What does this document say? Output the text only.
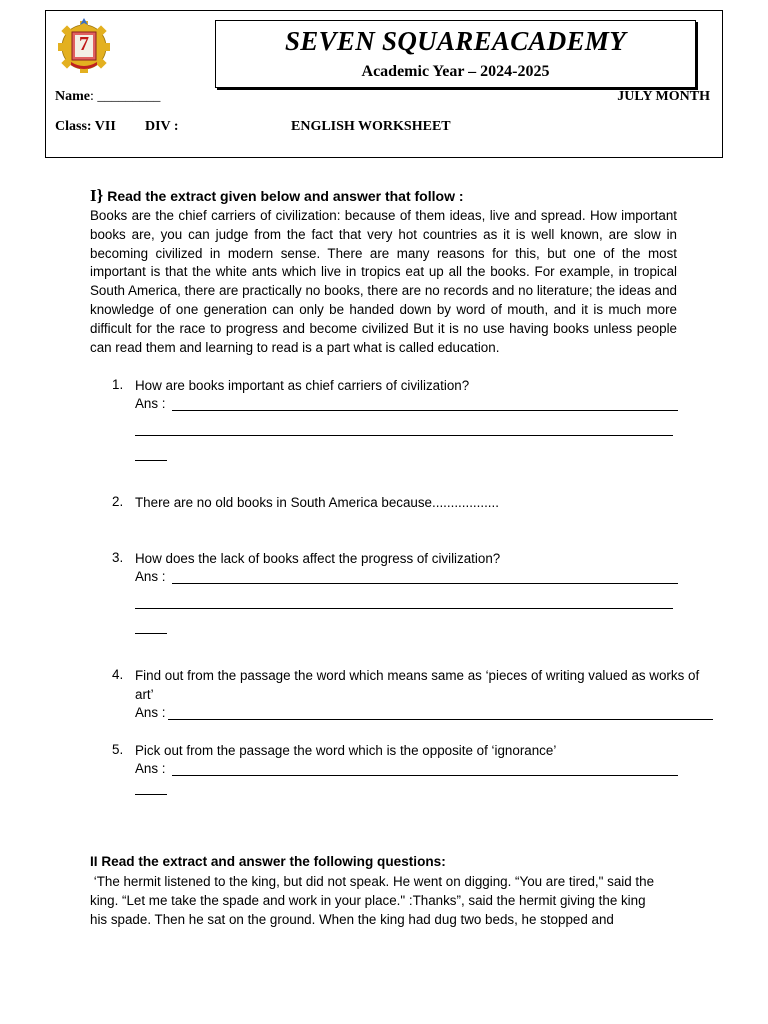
7	SEVEN SQUAREACADEMY
Academic Year – 2024-2025
Name: _________	JULY MONTH
Class: VII DIV :	ENGLISH WORKSHEET
I} Read the extract given below and answer that follow :
Books are the chief carriers of civilization: because of them ideas, live and spread. How important books are, you can judge from the fact that very hot countries as it is well known, are slow in becoming civilized in modern sense. There are many reasons for this, but one of the most important is that the white ants which live in tropics eat up all the books. For example, in tropical South America, there are practically no books, there are no records and no literature; the ideas and knowledge of one generation can only be handed down by word of mouth, and it is much more difficult for the race to progress and become civilized But it is no use having books unless people can read them and learning to read is a part what is called education.
1. How are books important as chief carriers of civilization?
Ans :
2. There are no old books in South America because..................
3. How does the lack of books affect the progress of civilization?
Ans :
4. Find out from the passage the word which means same as ‘pieces of writing valued as works of
art’
Ans :
5. Pick out from the passage the word which is the opposite of ‘ignorance’
Ans :
II Read the extract and answer the following questions:
‘The hermit listened to the king, but did not speak. He went on digging. “You are tired," said the
king. “Let me take the spade and work in your place." :Thanks”, said the hermit giving the king
his spade. Then he sat on the ground. When the king had dug two beds, he stopped and
